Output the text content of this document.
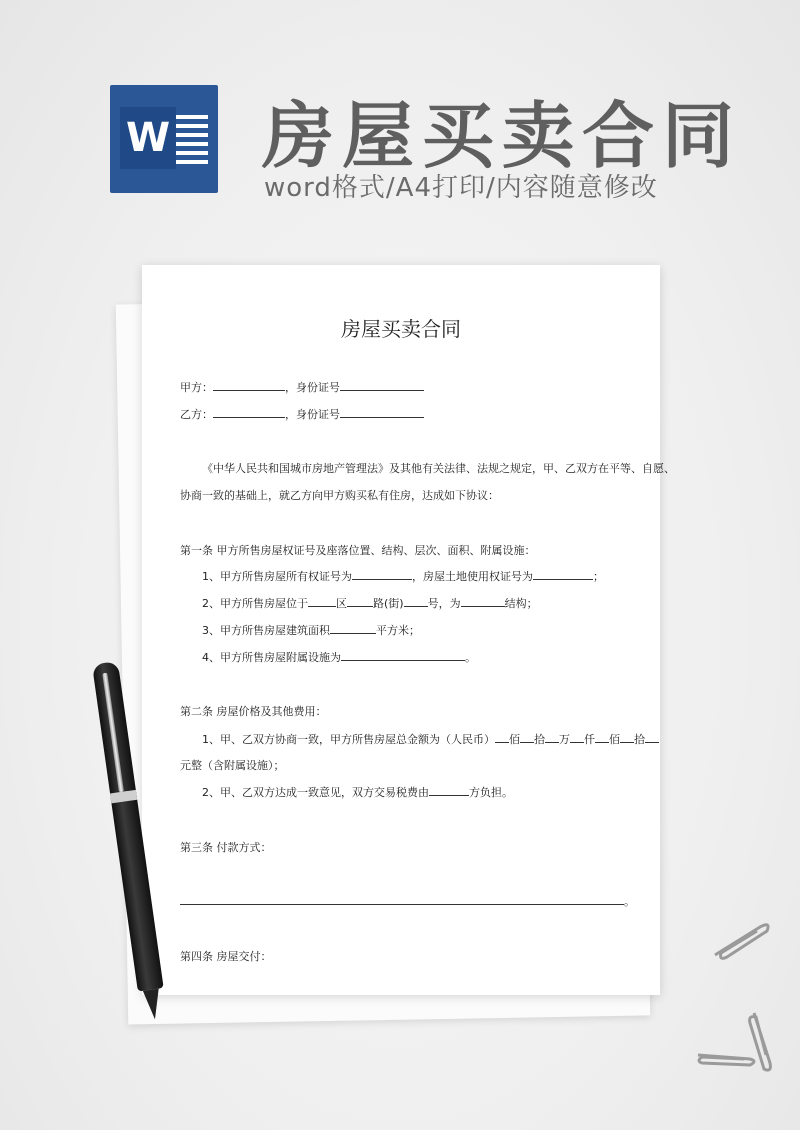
W 房屋买卖合同
word格式/A4打印/内容随意修改
房屋买卖合同
甲方：	，身份证号
乙方：	，身份证号
《中华人民共和国城市房地产管理法》及其他有关法律、法规之规定，甲、乙双方在平等、自愿、
协商一致的基础上，就乙方向甲方购买私有住房，达成如下协议：
第一条 甲方所售房屋权证号及座落位置、结构、层次、面积、附属设施：
1、甲方所售房屋所有权证号为	，房屋土地使用权证号为	；
2、甲方所售房屋位于	区 路(街) 号，为	结构；
3、甲方所售房屋建筑面积	平方米；
4、甲方所售房屋附属设施为	。
第二条 房屋价格及其他费用：
1、甲、乙双方协商一致，甲方所售房屋总金额为（人民币） 佰 拾 万 仟 佰 拾
元整（含附属设施）；
2、甲、乙双方达成一致意见，双方交易税费由	方负担。
第三条 付款方式：
。
第四条 房屋交付：
